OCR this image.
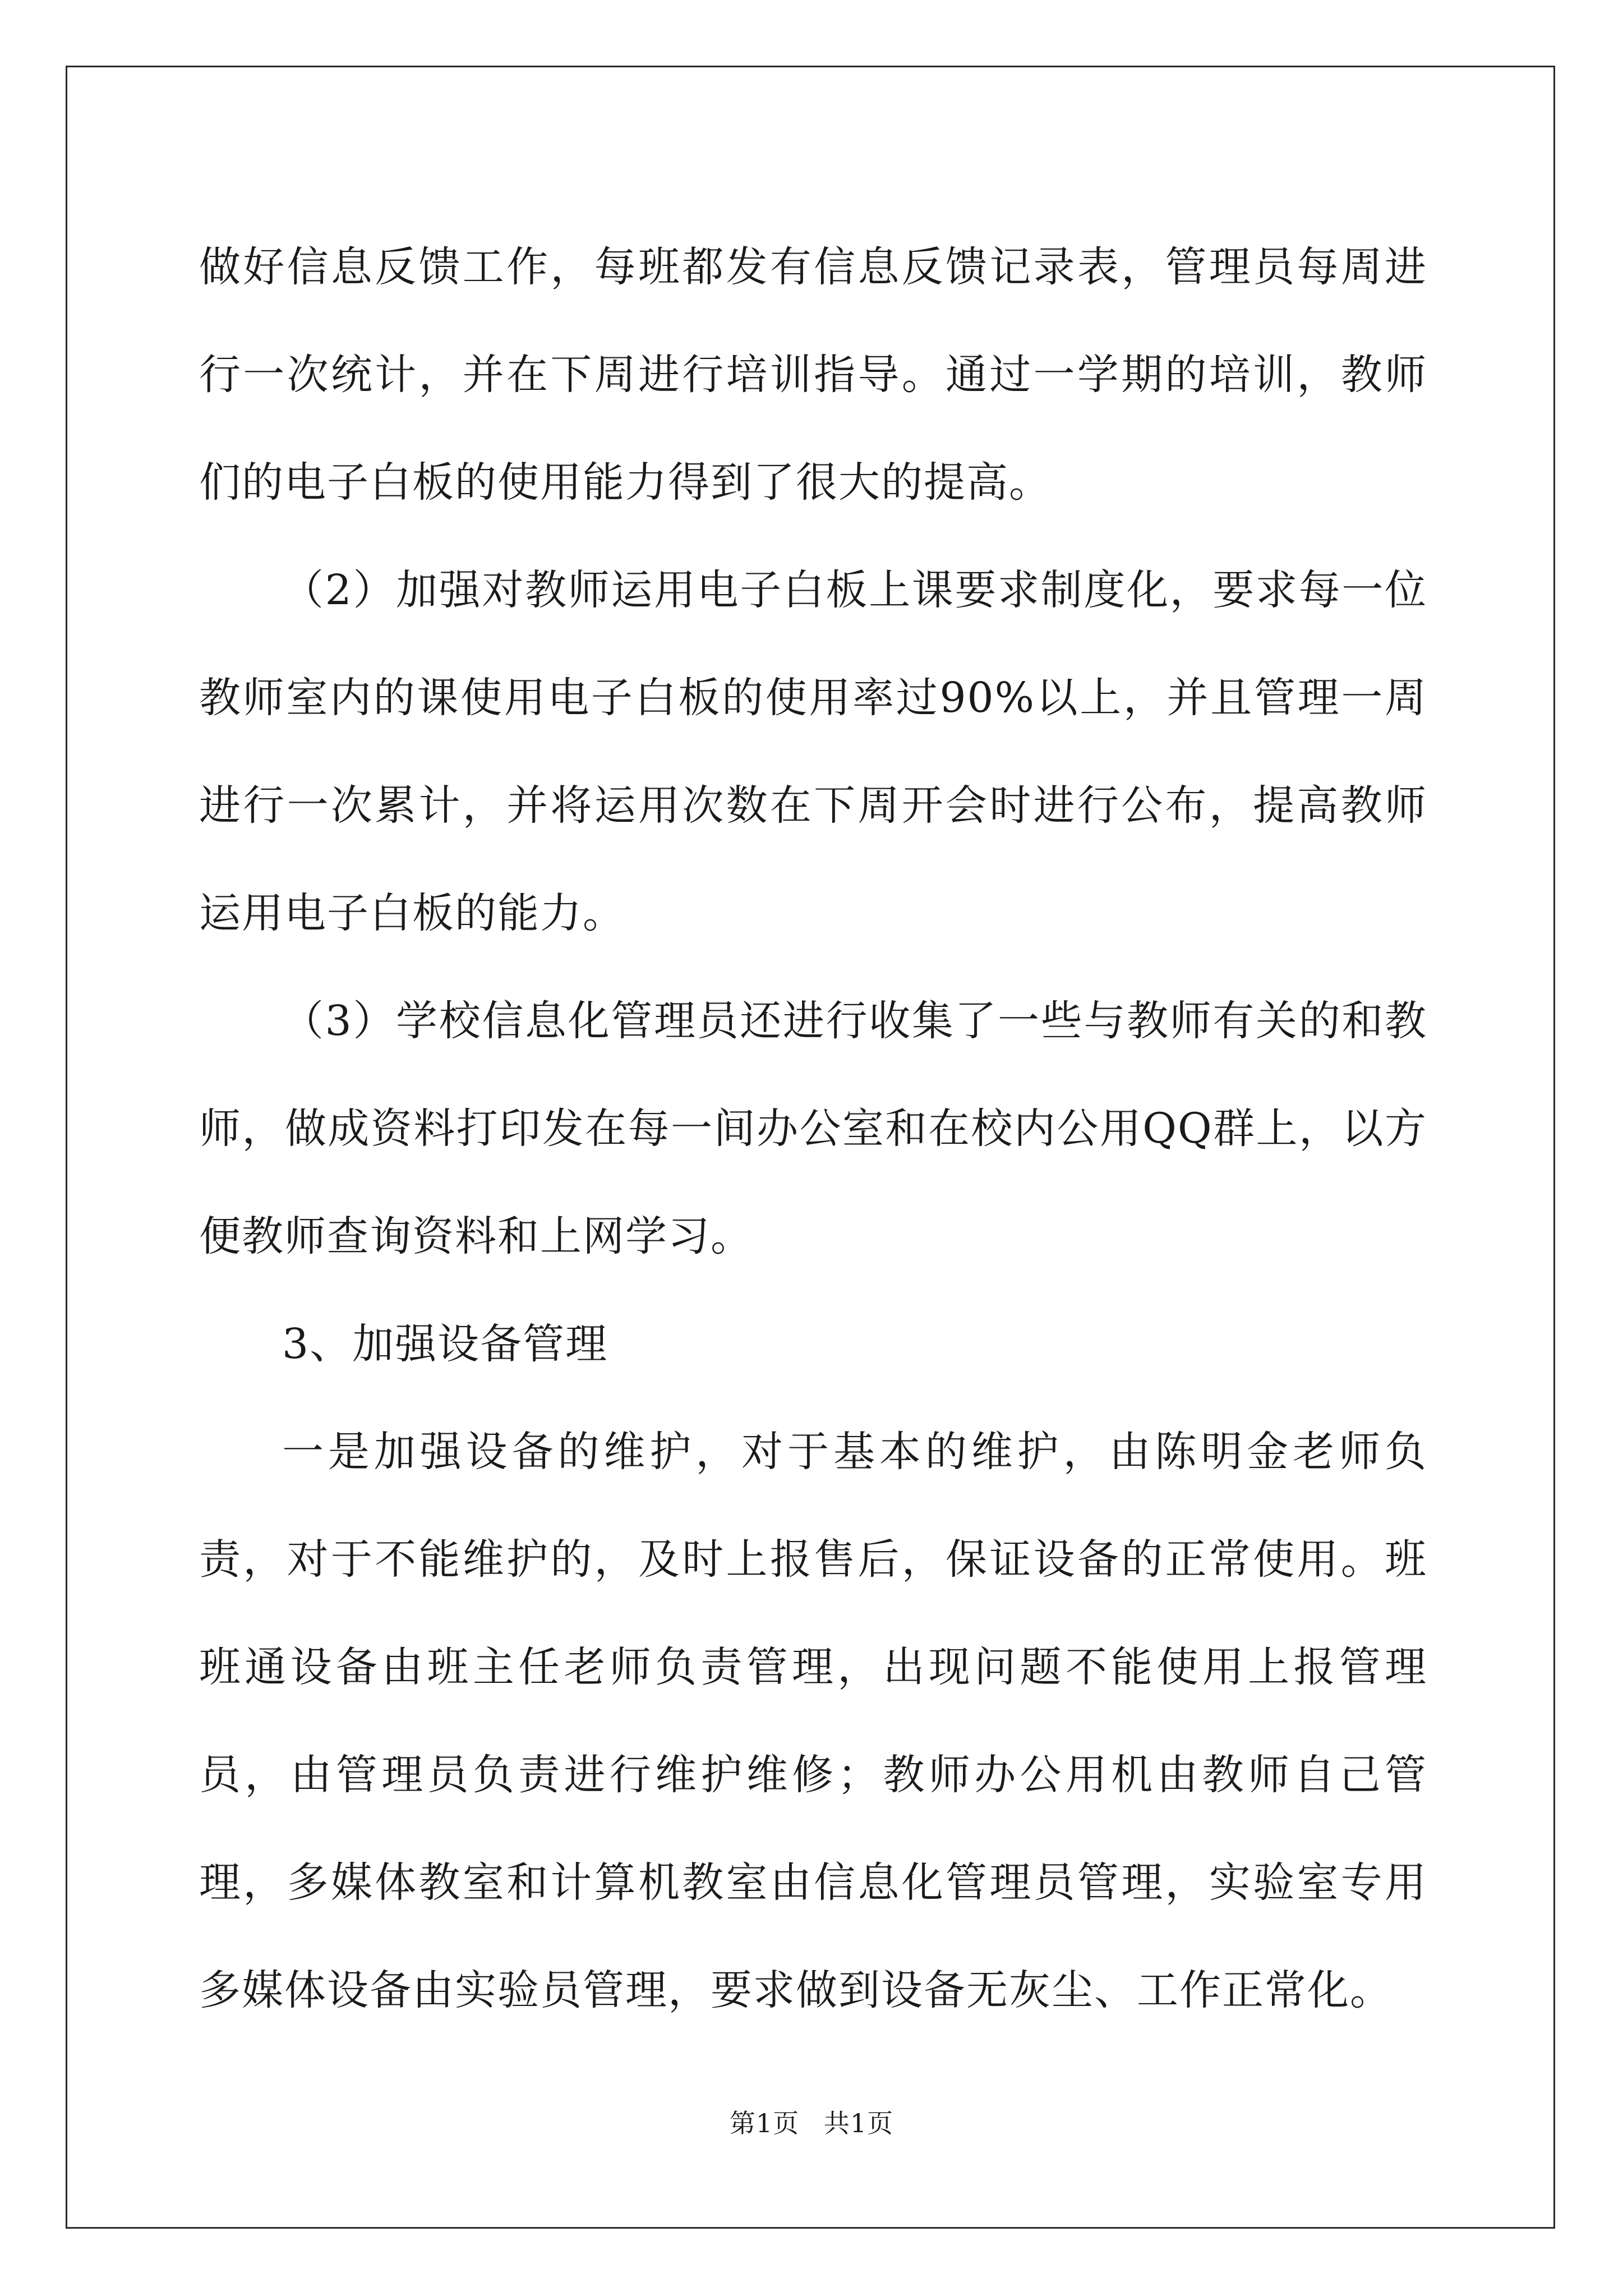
做好信息反馈工作，每班都发有信息反馈记录表，管理员每周进行一次统计，并在下周进行培训指导。通过一学期的培训，教师们的电子白板的使用能力得到了很大的提高。

（2）加强对教师运用电子白板上课要求制度化，要求每一位教师室内的课使用电子白板的使用率过90%以上，并且管理一周进行一次累计，并将运用次数在下周开会时进行公布，提高教师运用电子白板的能力。

（3）学校信息化管理员还进行收集了一些与教师有关的和教师，做成资料打印发在每一间办公室和在校内公用QQ群上，以方便教师查询资料和上网学习。

3、加强设备管理

一是加强设备的维护，对于基本的维护，由陈明金老师负责，对于不能维护的，及时上报售后，保证设备的正常使用。班班通设备由班主任老师负责管理，出现问题不能使用上报管理员，由管理员负责进行维护维修；教师办公用机由教师自己管理，多媒体教室和计算机教室由信息化管理员管理，实验室专用多媒体设备由实验员管理，要求做到设备无灰尘、工作正常化。

第1页 共1页
